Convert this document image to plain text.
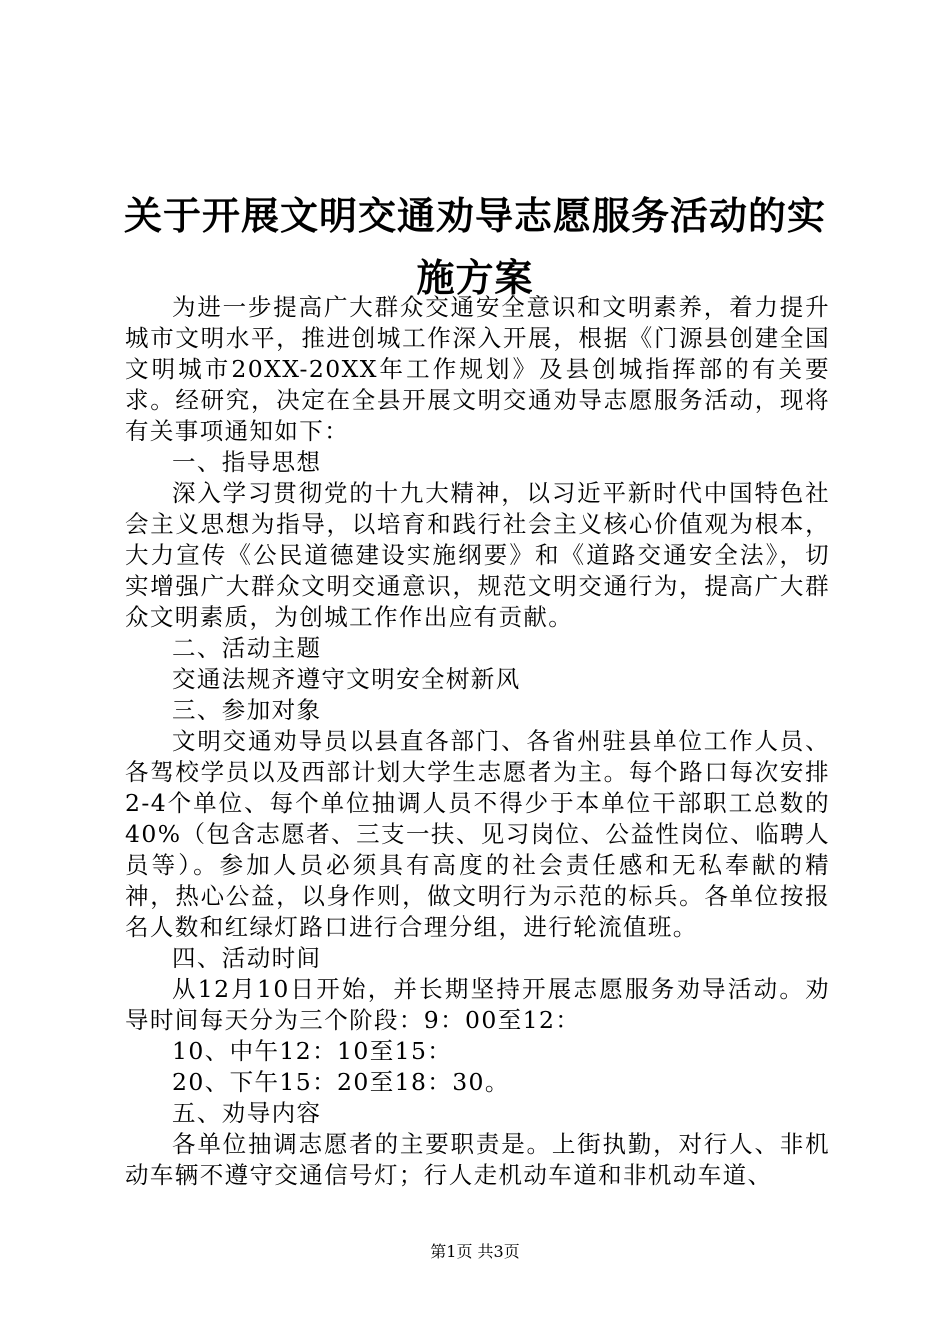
关于开展文明交通劝导志愿服务活动的实施方案

为进一步提高广大群众交通安全意识和文明素养，着力提升城市文明水平，推进创城工作深入开展，根据《门源县创建全国文明城市20XX-20XX年工作规划》及县创城指挥部的有关要求。经研究，决定在全县开展文明交通劝导志愿服务活动，现将有关事项通知如下：

一、指导思想

深入学习贯彻党的十九大精神，以习近平新时代中国特色社会主义思想为指导，以培育和践行社会主义核心价值观为根本，大力宣传《公民道德建设实施纲要》和《道路交通安全法》，切实增强广大群众文明交通意识，规范文明交通行为，提高广大群众文明素质，为创城工作作出应有贡献。

二、活动主题

交通法规齐遵守文明安全树新风

三、参加对象

文明交通劝导员以县直各部门、各省州驻县单位工作人员、各驾校学员以及西部计划大学生志愿者为主。每个路口每次安排2-4个单位、每个单位抽调人员不得少于本单位干部职工总数的40%（包含志愿者、三支一扶、见习岗位、公益性岗位、临聘人员等）。参加人员必须具有高度的社会责任感和无私奉献的精神，热心公益，以身作则，做文明行为示范的标兵。各单位按报名人数和红绿灯路口进行合理分组，进行轮流值班。

四、活动时间

从12月10日开始，并长期坚持开展志愿服务劝导活动。劝导时间每天分为三个阶段：9：00至12：

10、中午12：10至15：

20、下午15：20至18：30。

五、劝导内容

各单位抽调志愿者的主要职责是。上街执勤，对行人、非机动车辆不遵守交通信号灯；行人走机动车道和非机动车道、

第1页 共3页
